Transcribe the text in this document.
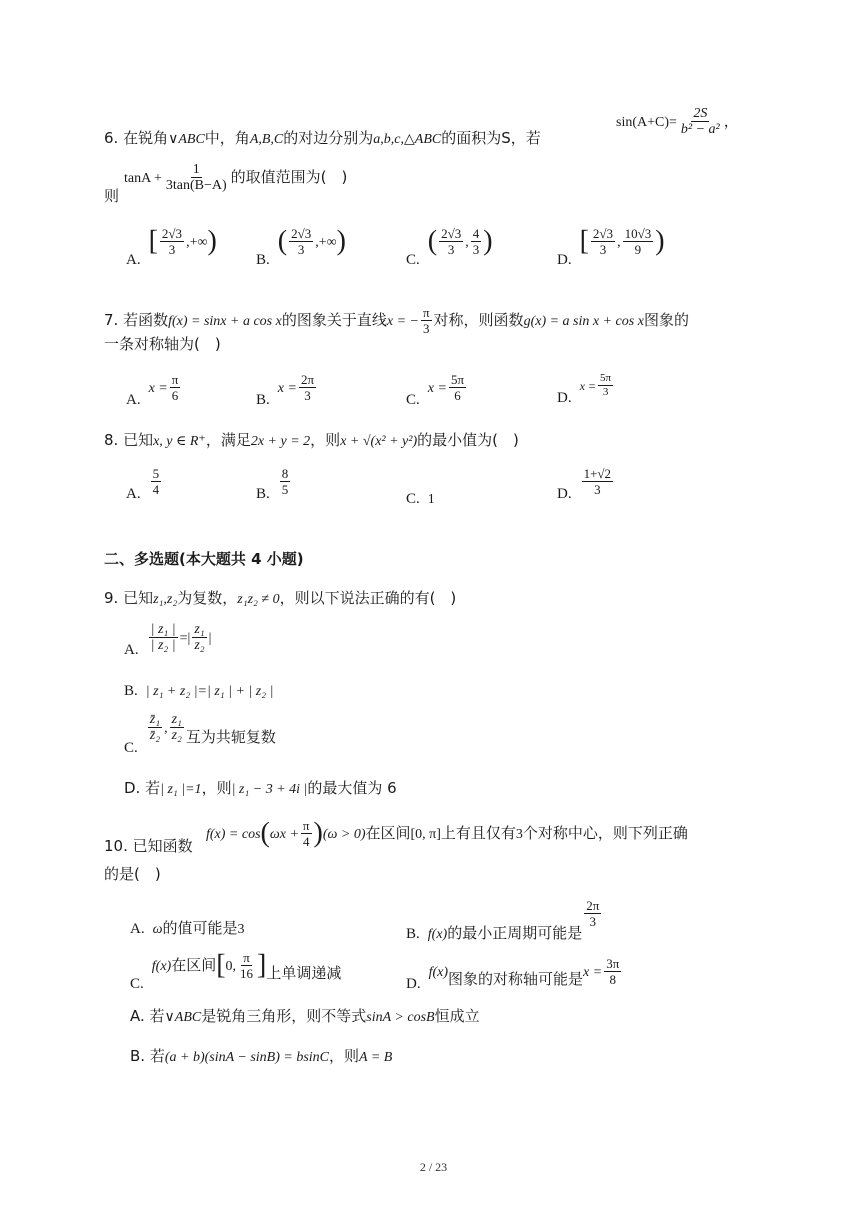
6. 在锐角∨ABC中，角A,B,C的对边分别为a,b,c,△ABC的面积为S，若
$\sin(A+C)= \frac{2S}{\text{b² − a²}}$ ，
则
$\tan A + \frac{1}{3\tan(B-A)}$ 的取值范围为(　)
$A.[ \frac{2√3}{3}$ ,+∞)
$B.( \frac{2√3}{3}$ ,+∞)
$C.( \frac{2√3}{3}$ , $\frac{4}{3}$ )
$D.[ \frac{2√3}{3}$ , $\frac{10√3}{9}$ )
7. 若函数f(x) = sinx + a cos x的图象关于直线x = − $\frac{\pi}{3}$ 对称，则函数g(x) = a sin x + cos x图象的
一条对称轴为(　)
$A.x = \frac{\pi}{6}$	$B.x = \frac{2\pi}{3}$	$C.x = \frac{5\pi}{6}$	$D.x = \frac{5\pi}{3}$
8. 已知x, y ∈ R⁺，满足2x + y = 2，则x + √(x² + y²)的最小值为(　)
A. $\frac{5}{4}$	B. $\frac{8}{5}$
C. 1	D. $\frac{1+√2}{3}$
二、多选题(本大题共 4 小题)
9. 已知z₁,z₂为复数，z₁z₂ ≠ 0，则以下说法正确的有(　)
A. $\frac{\text{| z₁ |}}{\text{| z₂ |}}$ =| $\frac{\text{z₁}}{\text{z₂}}$ |
B. | z₁ + z₂ |=| z₁ | + | z₂ |
C.
$\frac{\text{z̄₁}}{\text{z̄₂}}$ , $\frac{\text{z₁}}{\text{z₂}}$ 互为共轭复数
D. 若| z₁ |=1，则| z₁ − 3 + 4i |的最大值为 6
10. 已知函数
$f(x) = \cos(\omega x + \frac{\pi}{4} )(\omega > 0)$在区间[0, π]上有且仅有3个对称中心，则下列正确
的是(　)
A. ω的值可能是3	B. f(x)的最小正周期可能是
$\frac{2\pi}{3}$
C.f(x)在区间[0, $\frac{\pi}{16}$ ]上单调递减
D.f(x)图象的对称轴可能是$x = \frac{3\pi}{8}$
A. 若∨ABC是锐角三角形，则不等式sinA > cosB恒成立
B. 若(a + b)(sinA − sinB) = bsinC，则A = B
2 / 23
